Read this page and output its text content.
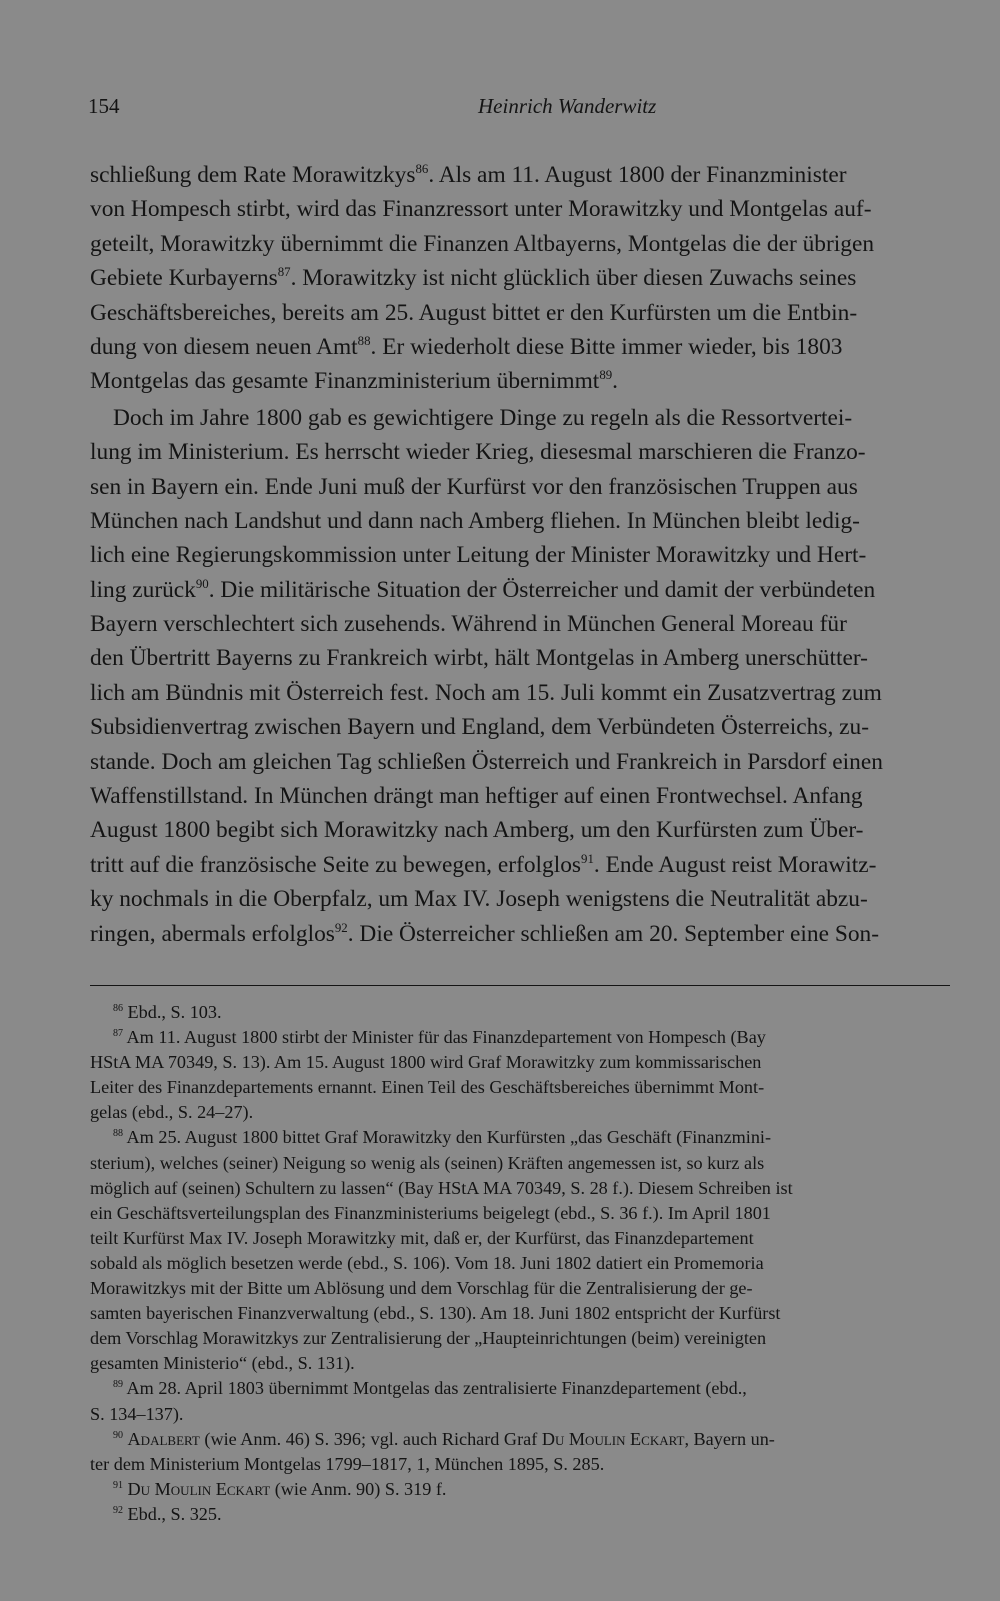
154	Heinrich Wanderwitz
schließung dem Rate Morawitzkys$^{86}$. Als am 11. August 1800 der Finanzminister
von Hompesch stirbt, wird das Finanzressort unter Morawitzky und Montgelas auf-
geteilt, Morawitzky übernimmt die Finanzen Altbayerns, Montgelas die der übrigen
Gebiete Kurbayerns$^{87}$. Morawitzky ist nicht glücklich über diesen Zuwachs seines
Geschäftsbereiches, bereits am 25. August bittet er den Kurfürsten um die Entbin-
dung von diesem neuen Amt$^{88}$. Er wiederholt diese Bitte immer wieder, bis 1803
Montgelas das gesamte Finanzministerium übernimmt$^{89}$.
Doch im Jahre 1800 gab es gewichtigere Dinge zu regeln als die Ressortvertei-
lung im Ministerium. Es herrscht wieder Krieg, diesesmal marschieren die Franzo-
sen in Bayern ein. Ende Juni muß der Kurfürst vor den französischen Truppen aus
München nach Landshut und dann nach Amberg fliehen. In München bleibt ledig-
lich eine Regierungskommission unter Leitung der Minister Morawitzky und Hert-
ling zurück$^{90}$. Die militärische Situation der Österreicher und damit der verbündeten
Bayern verschlechtert sich zusehends. Während in München General Moreau für
den Übertritt Bayerns zu Frankreich wirbt, hält Montgelas in Amberg unerschütter-
lich am Bündnis mit Österreich fest. Noch am 15. Juli kommt ein Zusatzvertrag zum
Subsidienvertrag zwischen Bayern und England, dem Verbündeten Österreichs, zu-
stande. Doch am gleichen Tag schließen Österreich und Frankreich in Parsdorf einen
Waffenstillstand. In München drängt man heftiger auf einen Frontwechsel. Anfang
August 1800 begibt sich Morawitzky nach Amberg, um den Kurfürsten zum Über-
tritt auf die französische Seite zu bewegen, erfolglos$^{91}$. Ende August reist Morawitz-
ky nochmals in die Oberpfalz, um Max IV. Joseph wenigstens die Neutralität abzu-
ringen, abermals erfolglos$^{92}$. Die Österreicher schließen am 20. September eine Son-
$^{86}$ Ebd., S. 103.
$^{87}$ Am 11. August 1800 stirbt der Minister für das Finanzdepartement von Hompesch (Bay
HStA MA 70349, S. 13). Am 15. August 1800 wird Graf Morawitzky zum kommissarischen
Leiter des Finanzdepartements ernannt. Einen Teil des Geschäftsbereiches übernimmt Mont-
gelas (ebd., S. 24–27).
$^{88}$ Am 25. August 1800 bittet Graf Morawitzky den Kurfürsten „das Geschäft (Finanzmini-
sterium), welches (seiner) Neigung so wenig als (seinen) Kräften angemessen ist, so kurz als
möglich auf (seinen) Schultern zu lassen“ (Bay HStA MA 70349, S. 28 f.). Diesem Schreiben ist
ein Geschäftsverteilungsplan des Finanzministeriums beigelegt (ebd., S. 36 f.). Im April 1801
teilt Kurfürst Max IV. Joseph Morawitzky mit, daß er, der Kurfürst, das Finanzdepartement
sobald als möglich besetzen werde (ebd., S. 106). Vom 18. Juni 1802 datiert ein Promemoria
Morawitzkys mit der Bitte um Ablösung und dem Vorschlag für die Zentralisierung der ge-
samten bayerischen Finanzverwaltung (ebd., S. 130). Am 18. Juni 1802 entspricht der Kurfürst
dem Vorschlag Morawitzkys zur Zentralisierung der „Haupteinrichtungen (beim) vereinigten
gesamten Ministerio“ (ebd., S. 131).
$^{89}$ Am 28. April 1803 übernimmt Montgelas das zentralisierte Finanzdepartement (ebd.,
S. 134–137).
$^{90}$ Adalbert (wie Anm. 46) S. 396; vgl. auch Richard Graf Du Moulin Eckart, Bayern un-
ter dem Ministerium Montgelas 1799–1817, 1, München 1895, S. 285.
$^{91}$ Du Moulin Eckart (wie Anm. 90) S. 319 f.
$^{92}$ Ebd., S. 325.
